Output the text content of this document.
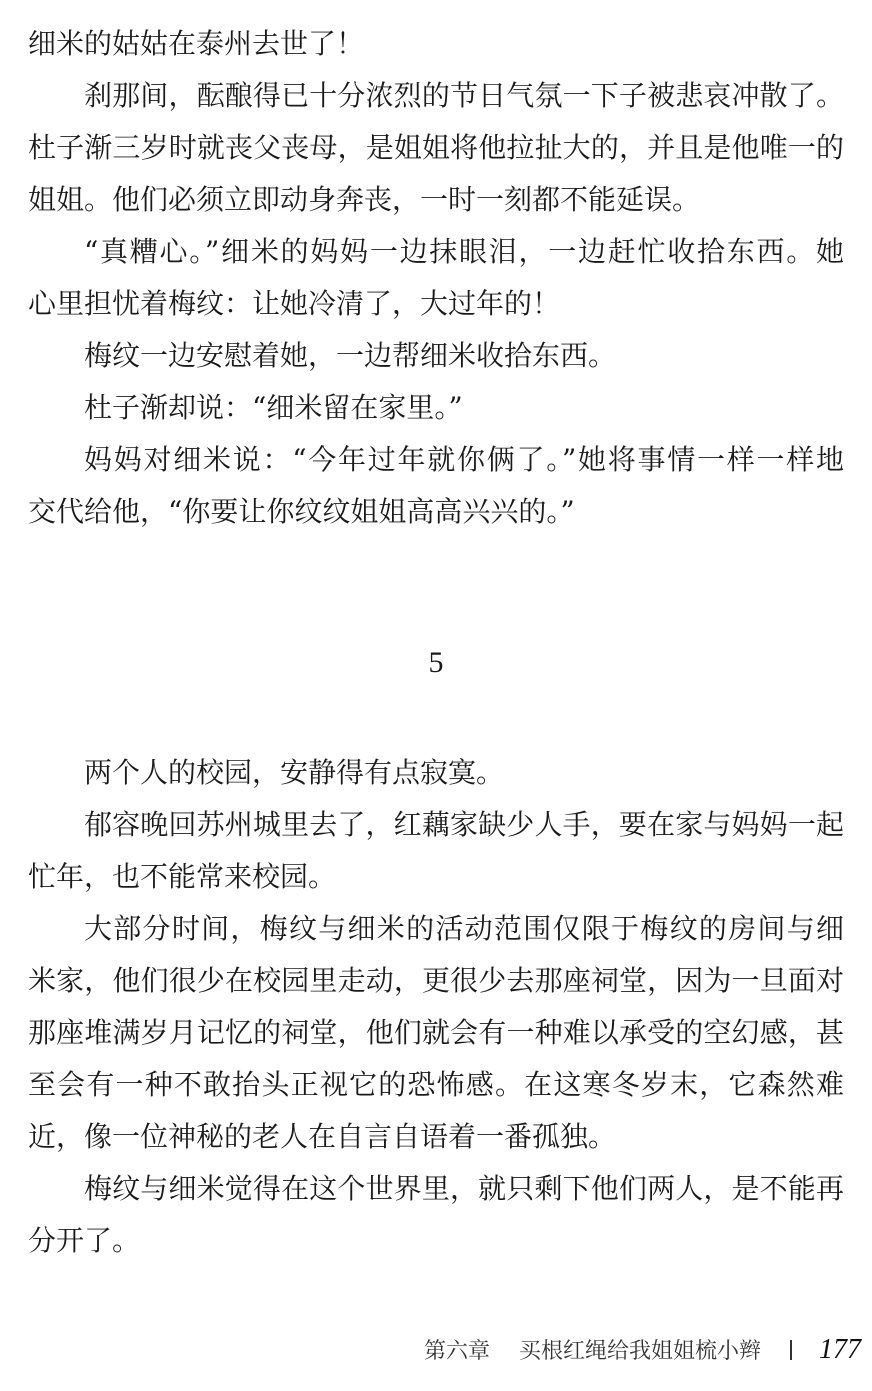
细米的姑姑在泰州去世了！
刹那间，酝酿得已十分浓烈的节日气氛一下子被悲哀冲散了。
杜子渐三岁时就丧父丧母，是姐姐将他拉扯大的，并且是他唯一的
姐姐。他们必须立即动身奔丧，一时一刻都不能延误。
“真糟心。”细米的妈妈一边抹眼泪，一边赶忙收拾东西。她
心里担忧着梅纹：让她冷清了，大过年的！
梅纹一边安慰着她，一边帮细米收拾东西。
杜子渐却说：“细米留在家里。”
妈妈对细米说：“今年过年就你俩了。”她将事情一样一样地
交代给他，“你要让你纹纹姐姐高高兴兴的。”
5
两个人的校园，安静得有点寂寞。
郁容晚回苏州城里去了，红藕家缺少人手，要在家与妈妈一起
忙年，也不能常来校园。
大部分时间，梅纹与细米的活动范围仅限于梅纹的房间与细
米家，他们很少在校园里走动，更很少去那座祠堂，因为一旦面对
那座堆满岁月记忆的祠堂，他们就会有一种难以承受的空幻感，甚
至会有一种不敢抬头正视它的恐怖感。在这寒冬岁末，它森然难
近，像一位神秘的老人在自言自语着一番孤独。
梅纹与细米觉得在这个世界里，就只剩下他们两人，是不能再
分开了。
第六章 买根红绳给我姐姐梳小辫 177
